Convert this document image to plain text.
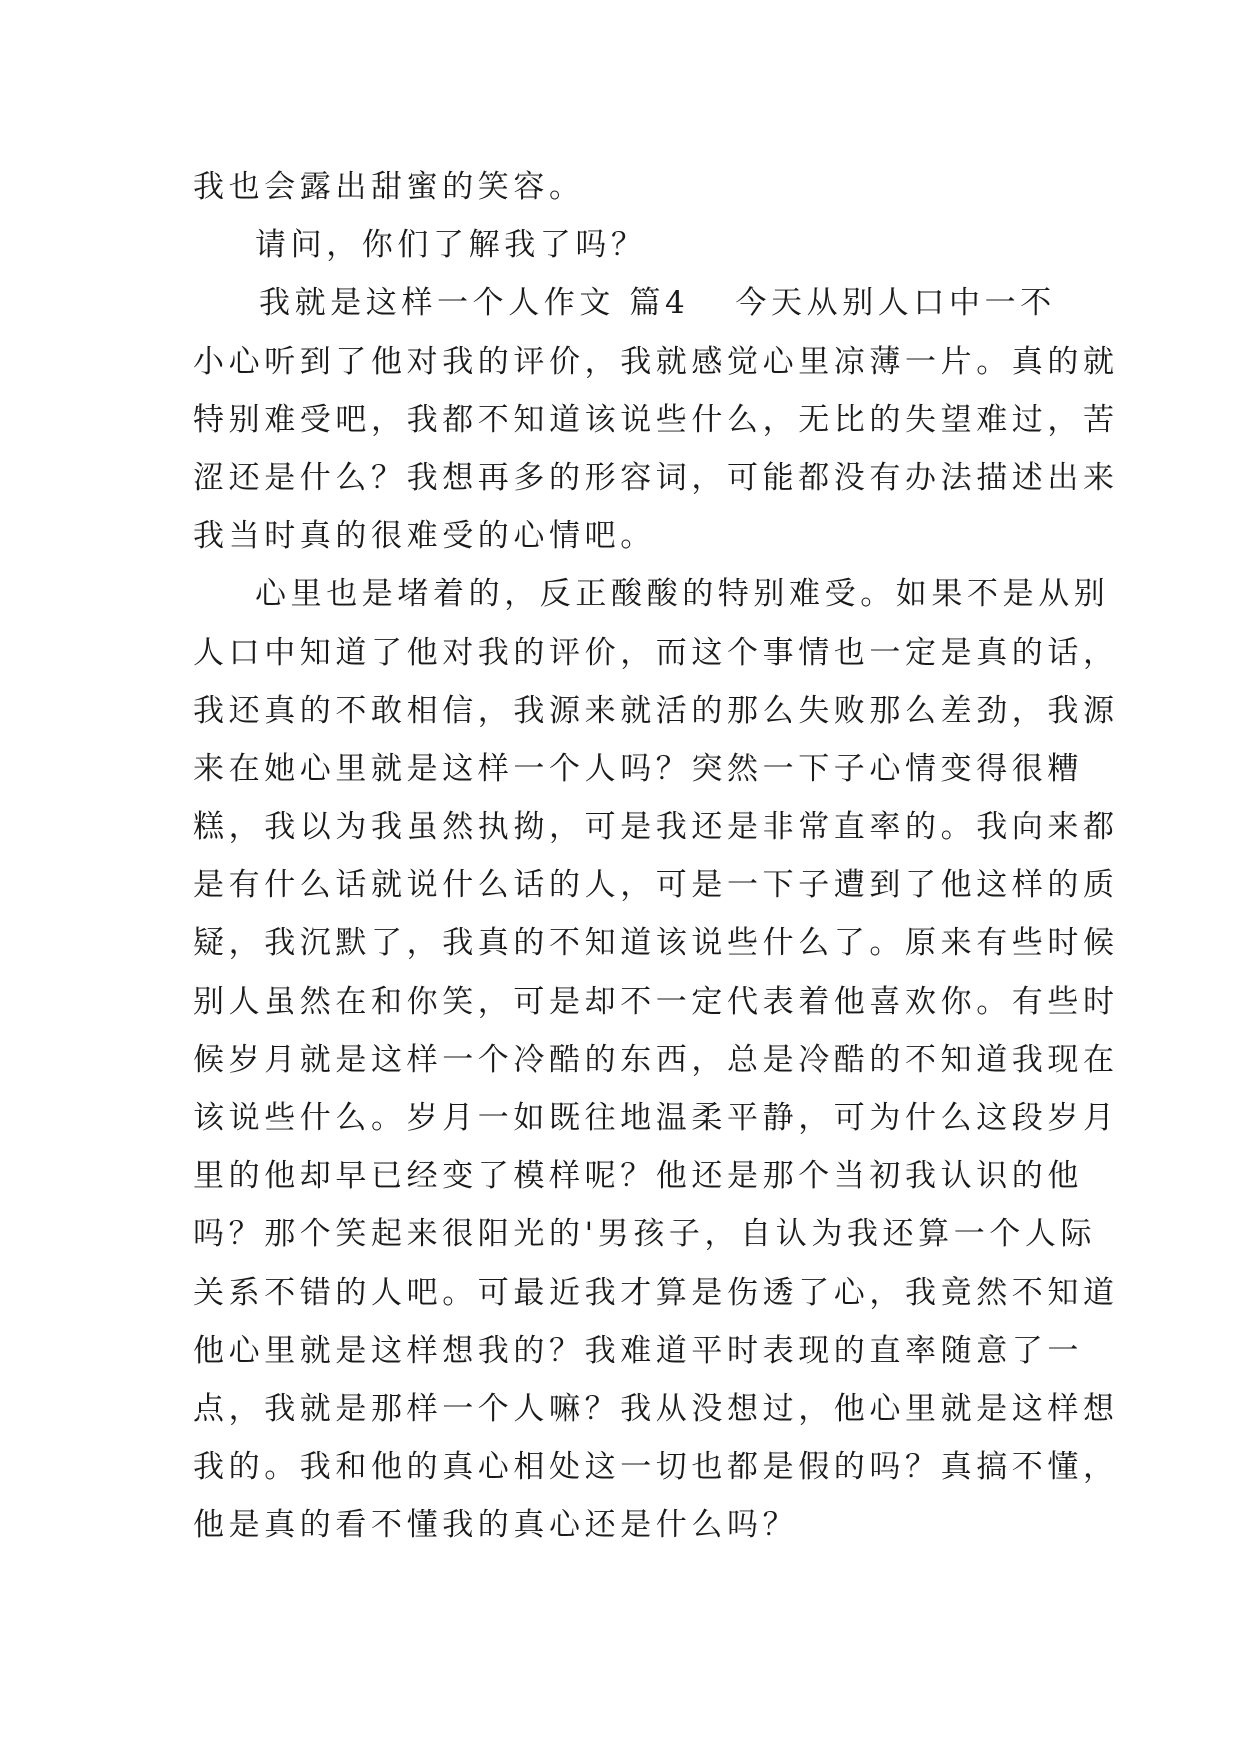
我也会露出甜蜜的笑容。
请问，你们了解我了吗？
我就是这样一个人作文 篇4 今天从别人口中一不
小心听到了他对我的评价，我就感觉心里凉薄一片。真的就
特别难受吧，我都不知道该说些什么，无比的失望难过，苦
涩还是什么？我想再多的形容词，可能都没有办法描述出来
我当时真的很难受的心情吧。
心里也是堵着的，反正酸酸的特别难受。如果不是从别
人口中知道了他对我的评价，而这个事情也一定是真的话，
我还真的不敢相信，我源来就活的那么失败那么差劲，我源
来在她心里就是这样一个人吗？突然一下子心情变得很糟
糕，我以为我虽然执拗，可是我还是非常直率的。我向来都
是有什么话就说什么话的人，可是一下子遭到了他这样的质
疑，我沉默了，我真的不知道该说些什么了。原来有些时候
别人虽然在和你笑，可是却不一定代表着他喜欢你。有些时
候岁月就是这样一个冷酷的东西，总是冷酷的不知道我现在
该说些什么。岁月一如既往地温柔平静，可为什么这段岁月
里的他却早已经变了模样呢？他还是那个当初我认识的他
吗？那个笑起来很阳光的'男孩子，自认为我还算一个人际
关系不错的人吧。可最近我才算是伤透了心，我竟然不知道
他心里就是这样想我的？我难道平时表现的直率随意了一
点，我就是那样一个人嘛？我从没想过，他心里就是这样想
我的。我和他的真心相处这一切也都是假的吗？真搞不懂，
他是真的看不懂我的真心还是什么吗？
